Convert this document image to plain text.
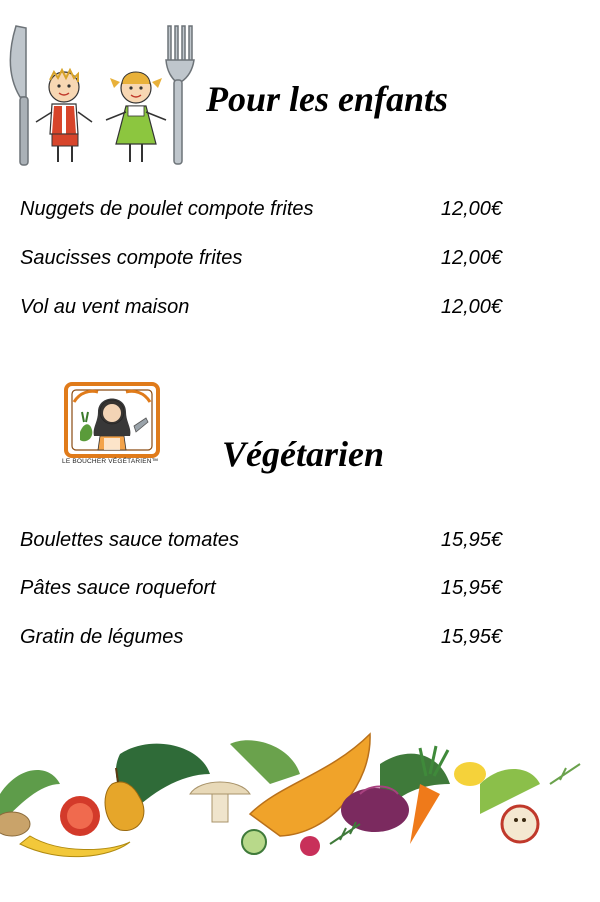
Pour les enfants
Nuggets de poulet compote frites	12,00€
Saucisses compote frites	12,00€
Vol au vent maison	12,00€
LE BOUCHER VÉGÉTARIEN™ Végétarien
Boulettes sauce tomates	15,95€
Pâtes sauce roquefort	15,95€
Gratin de légumes	15,95€
